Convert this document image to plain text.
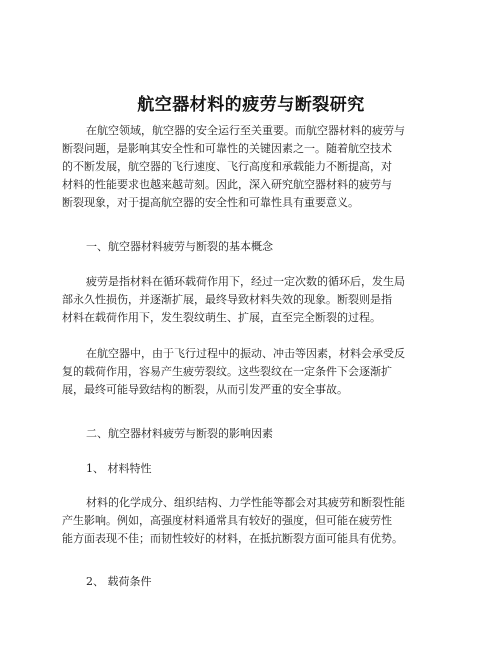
航空器材料的疲劳与断裂研究
在航空领域，航空器的安全运行至关重要。而航空器材料的疲劳与
断裂问题，是影响其安全性和可靠性的关键因素之一。随着航空技术
的不断发展，航空器的飞行速度、飞行高度和承载能力不断提高，对
材料的性能要求也越来越苛刻。因此，深入研究航空器材料的疲劳与
断裂现象，对于提高航空器的安全性和可靠性具有重要意义。
一、航空器材料疲劳与断裂的基本概念
疲劳是指材料在循环载荷作用下，经过一定次数的循环后，发生局
部永久性损伤，并逐渐扩展，最终导致材料失效的现象。断裂则是指
材料在载荷作用下，发生裂纹萌生、扩展，直至完全断裂的过程。
在航空器中，由于飞行过程中的振动、冲击等因素，材料会承受反
复的载荷作用，容易产生疲劳裂纹。这些裂纹在一定条件下会逐渐扩
展，最终可能导致结构的断裂，从而引发严重的安全事故。
二、航空器材料疲劳与断裂的影响因素
1、 材料特性
材料的化学成分、组织结构、力学性能等都会对其疲劳和断裂性能
产生影响。例如，高强度材料通常具有较好的强度，但可能在疲劳性
能方面表现不佳；而韧性较好的材料，在抵抗断裂方面可能具有优势。
2、 载荷条件
